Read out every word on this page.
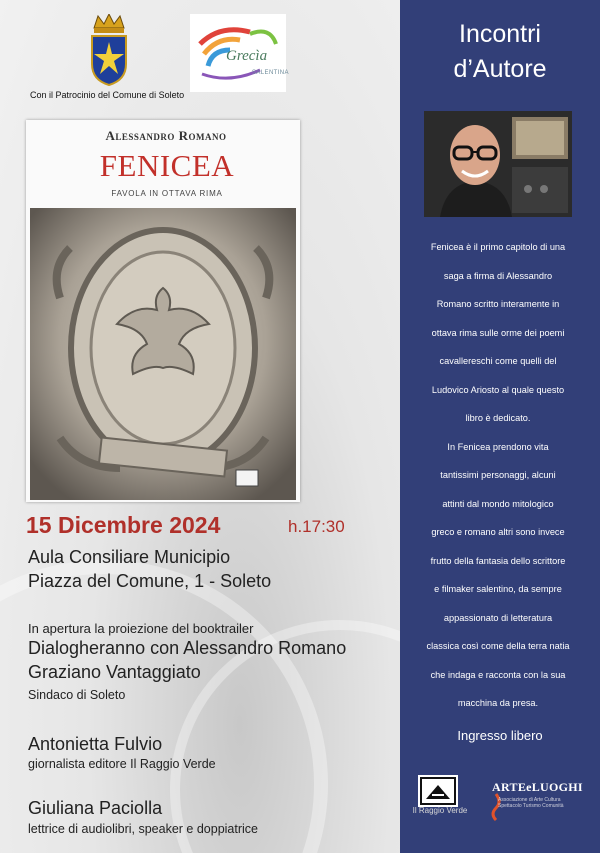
Con il Patrocinio del Comune di Soleto
Grecìa
SALENTINA
Alessandro Romano
FENICEA
FAVOLA IN OTTAVA RIMA
15 Dicembre 2024	h.17:30
Aula Consiliare Municipio
Piazza del Comune, 1 - Soleto
In apertura la proiezione del booktrailer
Dialogheranno con Alessandro Romano
Graziano Vantaggiato
Sindaco di Soleto
Antonietta Fulvio
giornalista editore Il Raggio Verde
Giuliana Paciolla
lettrice di audiolibri, speaker e doppiatrice
Incontri
d’Autore
Fenicea è il primo capitolo di una
saga a firma di Alessandro
Romano scritto interamente in
ottava rima sulle orme dei poemi
cavallereschi come quelli del
Ludovico Ariosto al quale questo
libro è dedicato.
In Fenicea prendono vita
tantissimi personaggi, alcuni
attinti dal mondo mitologico
greco e romano altri sono invece
frutto della fantasia dello scrittore
e filmaker salentino, da sempre
appassionato di letteratura
classica così come della terra natia
che indaga e racconta con la sua
macchina da presa.
Ingresso libero
Il Raggio Verde
ARTEeLUOGHI
Associazione di Arte Cultura
Spettacolo Turismo Comunità
